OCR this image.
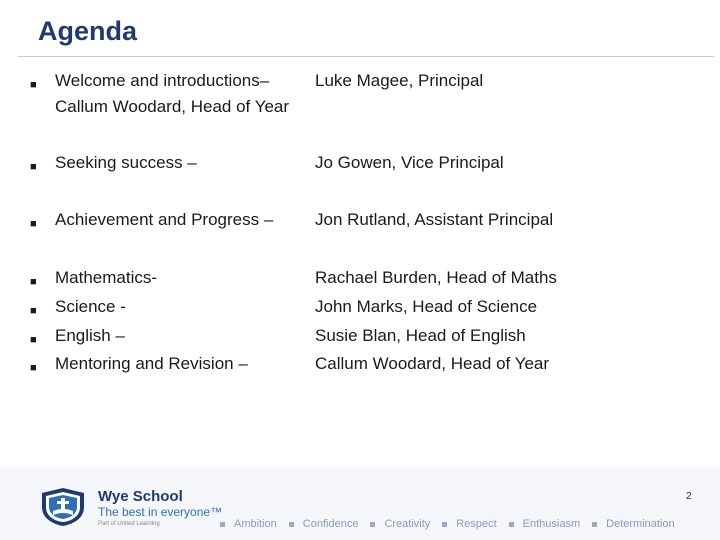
Agenda
■
Welcome and introductions–	Luke Magee, Principal
Callum Woodard, Head of Year
■
Seeking success –	Jo Gowen, Vice Principal
■
Achievement and Progress – Jon Rutland, Assistant Principal
■
Mathematics-	Rachael Burden, Head of Maths
■
Science -	John Marks, Head of Science
■
English –	Susie Blan, Head of English
■
Mentoring and Revision –	Callum Woodard, Head of Year
Wye School
The best in everyone™
Part of United Learning	Ambition	Confidence	Creativity	Respect	Enthusiasm	Determination
2
